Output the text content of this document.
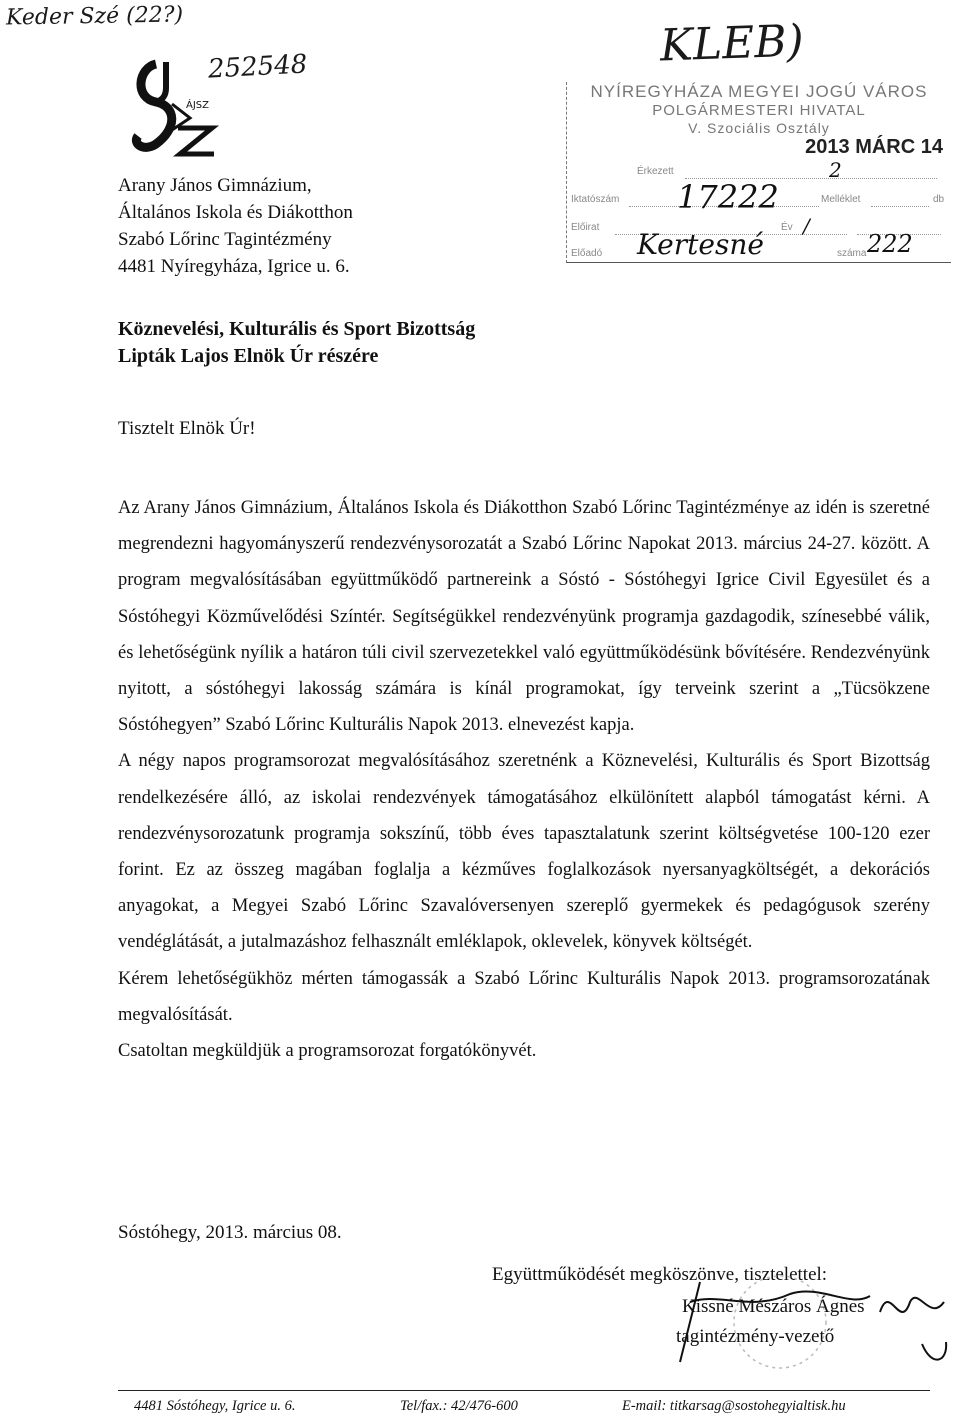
Keder Szé (22?)
252548	KLEB)
ÁJSZ
Arany János Gimnázium,
Általános Iskola és Diákotthon
Szabó Lőrinc Tagintézmény
4481 Nyíregyháza, Igrice u. 6.
NYÍREGYHÁZA MEGYEI JOGÚ VÁROS
POLGÁRMESTERI HIVATAL
V. Szociális Osztály
2013 MÁRC 14
Érkezett	2
Iktatószám 17222	Melléklet	db
Előirat	Év /
Előadó Kertesné	száma 222
Köznevelési, Kulturális és Sport Bizottság
Lipták Lajos Elnök Úr részére
Tisztelt Elnök Úr!

Az Arany János Gimnázium, Általános Iskola és Diákotthon Szabó Lőrinc Tagintézménye az idén is szeretné megrendezni hagyományszerű rendezvénysorozatát a Szabó Lőrinc Napokat 2013. március 24-27. között. A program megvalósításában együttműködő partnereink a Sóstó - Sóstóhegyi Igrice Civil Egyesület és a Sóstóhegyi Közművelődési Színtér. Segítségükkel rendezvényünk programja gazdagodik, színesebbé válik, és lehetőségünk nyílik a határon túli civil szervezetekkel való együttműködésünk bővítésére. Rendezvényünk nyitott, a sóstóhegyi lakosság számára is kínál programokat, így terveink szerint a „Tücsökzene Sóstóhegyen” Szabó Lőrinc Kulturális Napok 2013. elnevezést kapja.

A négy napos programsorozat megvalósításához szeretnénk a Köznevelési, Kulturális és Sport Bizottság rendelkezésére álló, az iskolai rendezvények támogatásához elkülönített alapból támogatást kérni. A rendezvénysorozatunk programja sokszínű, több éves tapasztalatunk szerint költségvetése 100-120 ezer forint. Ez az összeg magában foglalja a kézműves foglalkozások nyersanyagköltségét, a dekorációs anyagokat, a Megyei Szabó Lőrinc Szavalóversenyen szereplő gyermekek és pedagógusok szerény vendéglátását, a jutalmazáshoz felhasznált emléklapok, oklevelek, könyvek költségét.

Kérem lehetőségükhöz mérten támogassák a Szabó Lőrinc Kulturális Napok 2013. programsorozatának megvalósítását.

Csatoltan megküldjük a programsorozat forgatókönyvét.

Sóstóhegy, 2013. március 08.
Együttműködését megköszönve, tisztelettel:
Kissné Mészáros Ágnes
tagintézmény-vezető
4481 Sóstóhegy, Igrice u. 6.	Tel/fax.: 42/476-600	E-mail: titkarsag@sostohegyialtisk.hu
